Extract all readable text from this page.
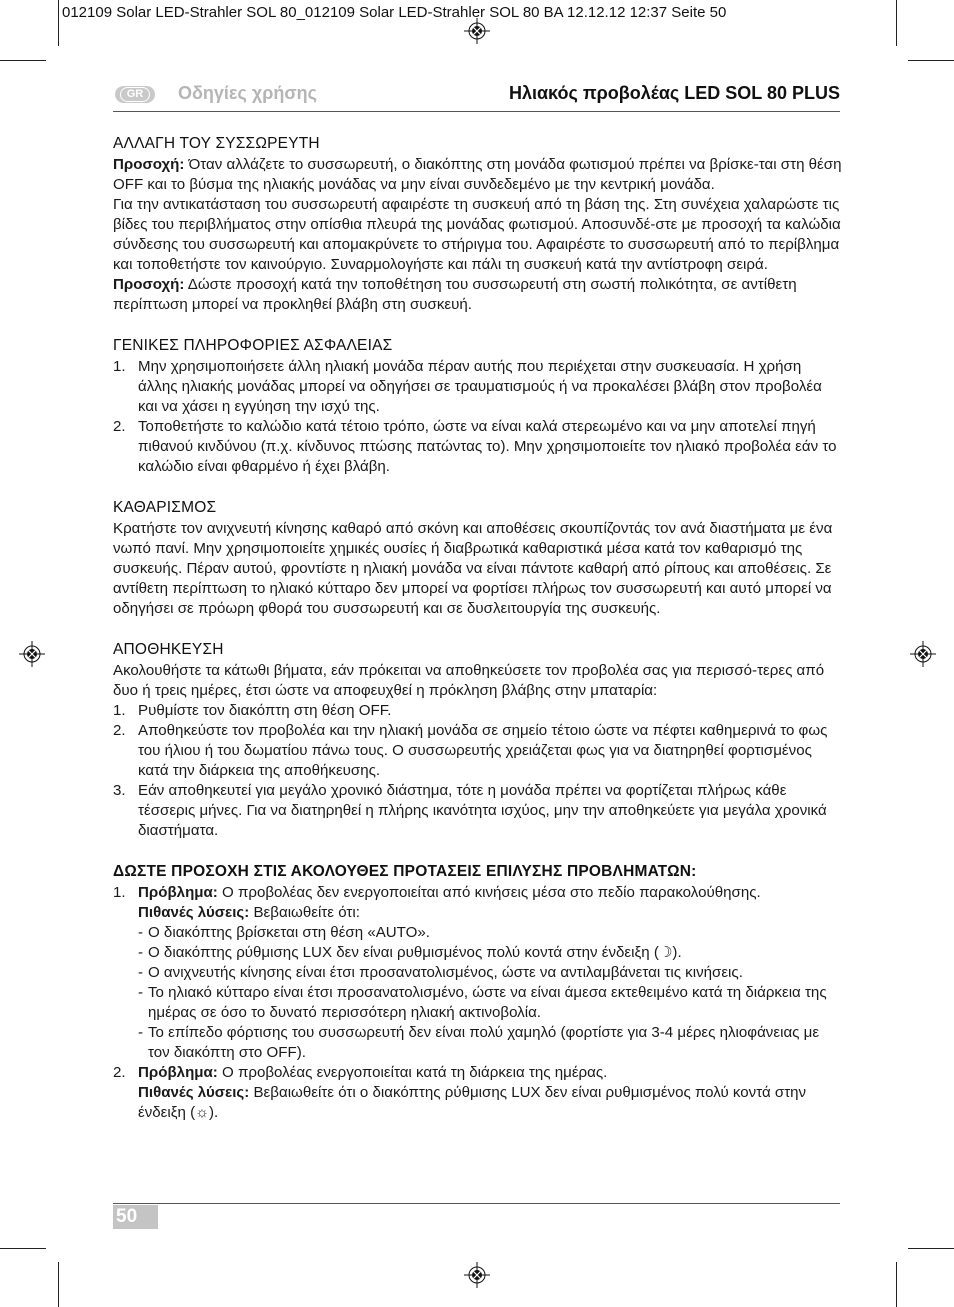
012109 Solar LED-Strahler SOL 80_012109 Solar LED-Strahler SOL 80 BA 12.12.12 12:37 Seite 50
GR	Οδηγίες χρήσης	Ηλιακός προβολέας LED SOL 80 PLUS
ΑΛΛΑΓΗ ΤΟΥ ΣΥΣΣΩΡΕΥΤΗ

Προσοχή: Όταν αλλάζετε το συσσωρευτή, ο διακόπτης στη μονάδα φωτισμού πρέπει να βρίσκε-ται στη θέση OFF και το βύσμα της ηλιακής μονάδας να μην είναι συνδεδεμένο με την κεντρική μονάδα.

Για την αντικατάσταση του συσσωρευτή αφαιρέστε τη συσκευή από τη βάση της. Στη συνέχεια χαλαρώστε τις βίδες του περιβλήματος στην οπίσθια πλευρά της μονάδας φωτισμού. Αποσυνδέ-στε με προσοχή τα καλώδια σύνδεσης του συσσωρευτή και απομακρύνετε το στήριγμα του. Αφαιρέστε το συσσωρευτή από το περίβλημα και τοποθετήστε τον καινούργιο. Συναρμολογήστε και πάλι τη συσκευή κατά την αντίστροφη σειρά.

Προσοχή: Δώστε προσοχή κατά την τοποθέτηση του συσσωρευτή στη σωστή πολικότητα, σε αντίθετη περίπτωση μπορεί να προκληθεί βλάβη στη συσκευή.

ΓΕΝΙΚΕΣ ΠΛΗΡΟΦΟΡΙΕΣ ΑΣΦΑΛΕΙΑΣ
1. Μην χρησιμοποιήσετε άλλη ηλιακή μονάδα πέραν αυτής που περιέχεται στην συσκευασία. Η χρήση άλλης ηλιακής μονάδας μπορεί να οδηγήσει σε τραυματισμούς ή να προκαλέσει βλάβη στον προβολέα και να χάσει η εγγύηση την ισχύ της.
2. Τοποθετήστε το καλώδιο κατά τέτοιο τρόπο, ώστε να είναι καλά στερεωμένο και να μην αποτελεί πηγή πιθανού κινδύνου (π.χ. κίνδυνος πτώσης πατώντας το). Μην χρησιμοποιείτε τον ηλιακό προβολέα εάν το καλώδιο είναι φθαρμένο ή έχει βλάβη.
ΚΑΘΑΡΙΣΜΟΣ

Κρατήστε τον ανιχνευτή κίνησης καθαρό από σκόνη και αποθέσεις σκουπίζοντάς τον ανά διαστήματα με ένα νωπό πανί. Μην χρησιμοποιείτε χημικές ουσίες ή διαβρωτικά καθαριστικά μέσα κατά τον καθαρισμό της συσκευής. Πέραν αυτού, φροντίστε η ηλιακή μονάδα να είναι πάντοτε καθαρή από ρίπους και αποθέσεις. Σε αντίθετη περίπτωση το ηλιακό κύτταρο δεν μπορεί να φορτίσει πλήρως τον συσσωρευτή και αυτό μπορεί να οδηγήσει σε πρόωρη φθορά του συσσωρευτή και σε δυσλειτουργία της συσκευής.

ΑΠΟΘΗΚΕΥΣΗ

Ακολουθήστε τα κάτωθι βήματα, εάν πρόκειται να αποθηκεύσετε τον προβολέα σας για περισσό-τερες από δυο ή τρεις ημέρες, έτσι ώστε να αποφευχθεί η πρόκληση βλάβης στην μπαταρία:

1. Ρυθμίστε τον διακόπτη στη θέση OFF.
2. Αποθηκεύστε τον προβολέα και την ηλιακή μονάδα σε σημείο τέτοιο ώστε να πέφτει καθημερινά το φως του ήλιου ή του δωματίου πάνω τους. Ο συσσωρευτής χρειάζεται φως για να διατηρηθεί φορτισμένος κατά την διάρκεια της αποθήκευσης.
3. Εάν αποθηκευτεί για μεγάλο χρονικό διάστημα, τότε η μονάδα πρέπει να φορτίζεται πλήρως κάθε τέσσερις μήνες. Για να διατηρηθεί η πλήρης ικανότητα ισχύος, μην την αποθηκεύετε για μεγάλα χρονικά διαστήματα.
ΔΩΣΤΕ ΠΡΟΣΟΧΗ ΣΤΙΣ ΑΚΟΛΟΥΘΕΣ ΠΡΟΤΑΣΕΙΣ ΕΠΙΛΥΣΗΣ ΠΡΟΒΛΗΜΑΤΩΝ:
1. Πρόβλημα: Ο προβολέας δεν ενεργοποιείται από κινήσεις μέσα στο πεδίο παρακολούθησης.
Πιθανές λύσεις: Βεβαιωθείτε ότι:
- Ο διακόπτης βρίσκεται στη θέση «AUTO».
- Ο διακόπτης ρύθμισης LUX δεν είναι ρυθμισμένος πολύ κοντά στην ένδειξη (☽).
- Ο ανιχνευτής κίνησης είναι έτσι προσανατολισμένος, ώστε να αντιλαμβάνεται τις κινήσεις.
- Το ηλιακό κύτταρο είναι έτσι προσανατολισμένο, ώστε να είναι άμεσα εκτεθειμένο κατά τη διάρκεια της ημέρας σε όσο το δυνατό περισσότερη ηλιακή ακτινοβολία.
- Το επίπεδο φόρτισης του συσσωρευτή δεν είναι πολύ χαμηλό (φορτίστε για 3-4 μέρες ηλιοφάνειας με τον διακόπτη στο OFF).
2. Πρόβλημα: Ο προβολέας ενεργοποιείται κατά τη διάρκεια της ημέρας.
Πιθανές λύσεις: Βεβαιωθείτε ότι ο διακόπτης ρύθμισης LUX δεν είναι ρυθμισμένος πολύ κοντά στην ένδειξη (☼).
50
